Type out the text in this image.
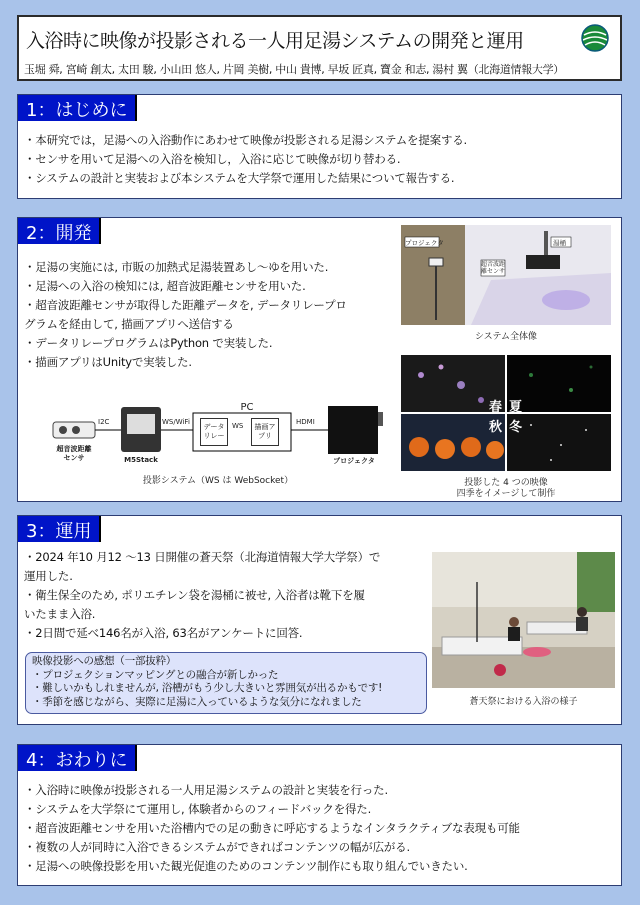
入浴時に映像が投影される一人用足湯システムの開発と運用
玉堀 舜, 宮崎 創太, 太田 駿, 小山田 悠人, 片岡 美樹, 中山 貴博, 早坂 匠真, 寶金 和志, 湯村 翼（北海道情報大学）
1：はじめに

・本研究では，足湯への入浴動作にあわせて映像が投影される足湯システムを提案する.

・センサを用いて足湯への入浴を検知し，入浴に応じて映像が切り替わる.

・システムの設計と実装および本システムを大学祭で運用した結果について報告する.

2：開発

・足湯の実施には, 市販の加熱式足湯装置あし〜ゆを用いた.

・足湯への入浴の検知には, 超音波距離センサを用いた.

・超音波距離センサが取得した距離データを, データリレープロ

グラムを経由して, 描画アプリへ送信する

・データリレープログラムはPython で実装した.

・描画アプリはUnityで実装した.

プロジェクタ	湯桶
超音波距離センサ
システム全体像
春 夏
秋 冬
投影した 4 つの映像
四季をイメージして制作
I2C	WS/WiFi
PC
データリレー
WS	描画アプリ
HDMI
超音波距離センサ	M5Stack	プロジェクタ
投影システム（WS は WebSocket）
3：運用

・2024 年10 月12 〜13 日開催の蒼天祭（北海道情報大学大学祭）で

運用した.

・衛生保全のため, ポリエチレン袋を湯桶に被せ, 入浴者は靴下を履

いたまま入浴.

・2日間で延べ146名が入浴, 63名がアンケートに回答.

映像投影への感想（一部抜粋）

・プロジェクションマッピングとの融合が新しかった

・難しいかもしれませんが, 浴槽がもう少し大きいと雰囲気が出るかもです!

・季節を感じながら、実際に足湯に入っているような気分になれました	蒼天祭における入浴の様子
4：おわりに

・入浴時に映像が投影される一人用足湯システムの設計と実装を行った.

・システムを大学祭にて運用し, 体験者からのフィードバックを得た.

・超音波距離センサを用いた浴槽内での足の動きに呼応するようなインタラクティブな表現も可能

・複数の人が同時に入浴できるシステムができればコンテンツの幅が広がる.

・足湯への映像投影を用いた観光促進のためのコンテンツ制作にも取り組んでいきたい.
